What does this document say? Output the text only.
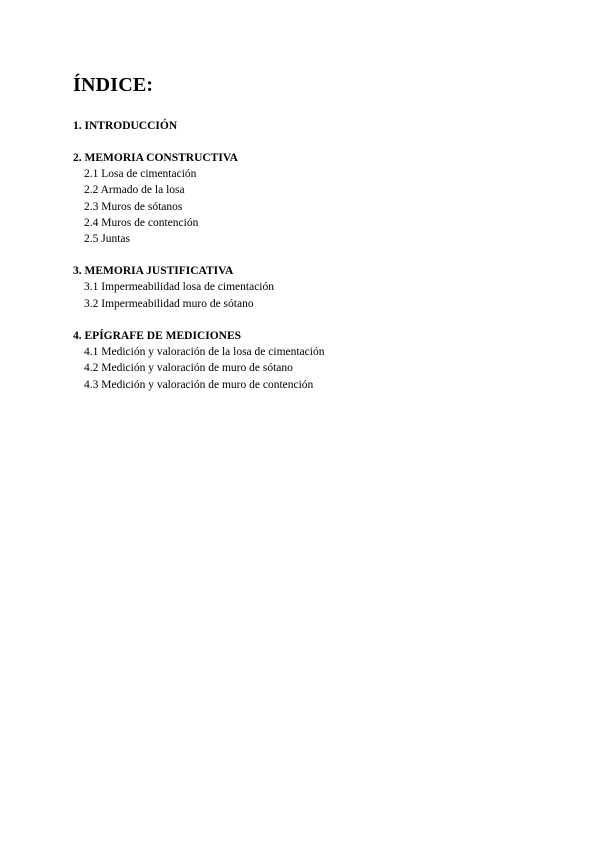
ÍNDICE:
1. INTRODUCCIÓN
2. MEMORIA CONSTRUCTIVA
2.1 Losa de cimentación
2.2 Armado de la losa
2.3 Muros de sótanos
2.4 Muros de contención
2.5 Juntas
3. MEMORIA JUSTIFICATIVA
3.1 Impermeabilidad losa de cimentación
3.2 Impermeabilidad muro de sótano
4. EPÍGRAFE DE MEDICIONES
4.1 Medición y valoración de la losa de cimentación
4.2 Medición y valoración de muro de sótano
4.3 Medición y valoración de muro de contención
